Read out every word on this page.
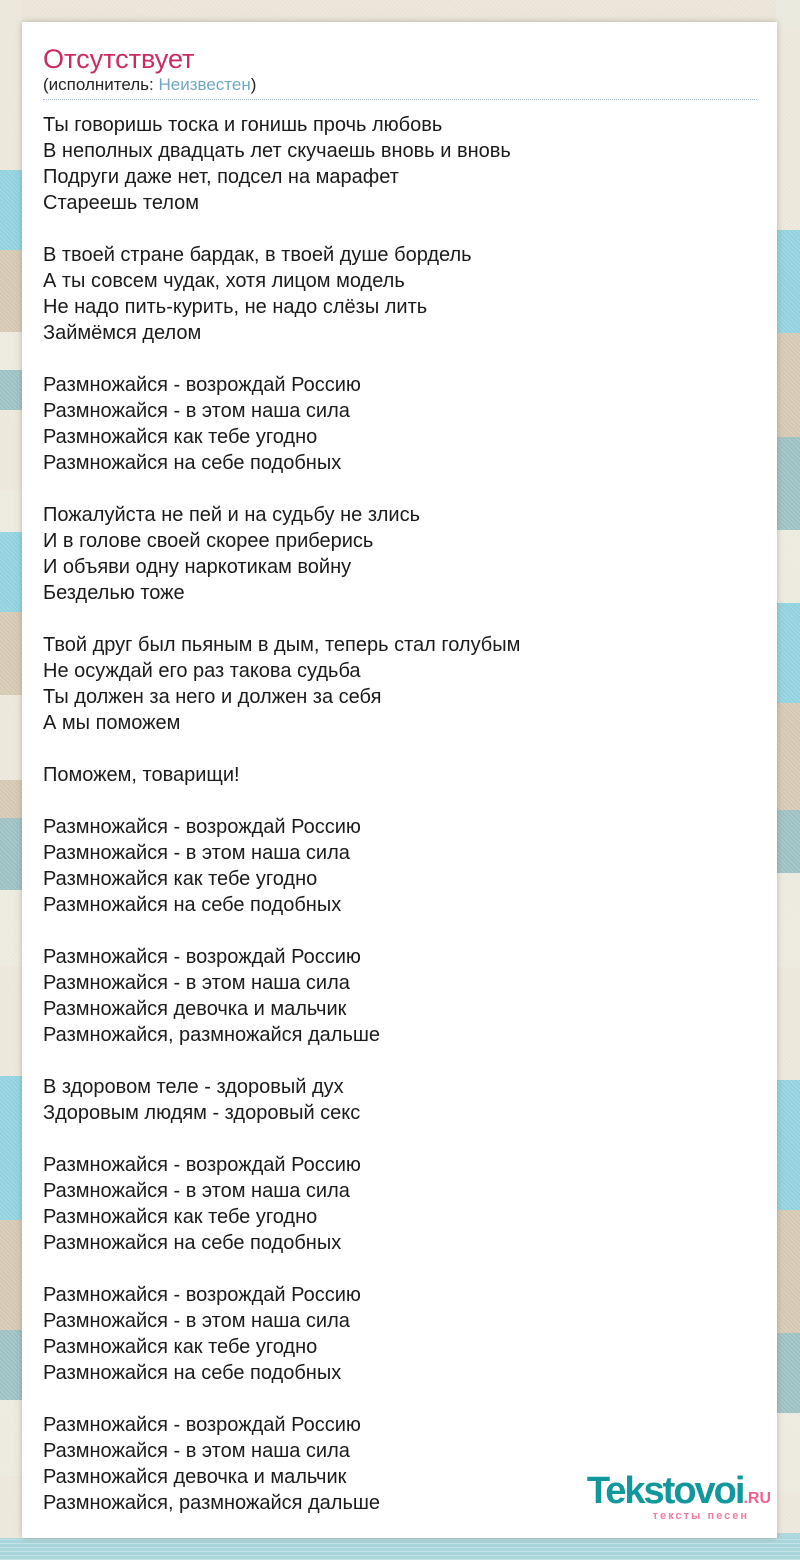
Отсутствует

(исполнитель: Неизвестен)

Ты говоришь тоска и гонишь прочь любовь
В неполных двадцать лет скучаешь вновь и вновь
Подруги даже нет, подсел на марафет
Стареешь телом

В твоей стране бардак, в твоей душе бордель
А ты совсем чудак, хотя лицом модель
Не надо пить-курить, не надо слёзы лить
Займёмся делом

Размножайся - возрождай Россию
Размножайся - в этом наша сила
Размножайся как тебе угодно
Размножайся на себе подобных

Пожалуйста не пей и на судьбу не злись
И в голове своей скорее приберись
И объяви одну наркотикам войну
Безделью тоже

Твой друг был пьяным в дым, теперь стал голубым
Не осуждай его раз такова судьба
Ты должен за него и должен за себя
А мы поможем

Поможем, товарищи!

Размножайся - возрождай Россию
Размножайся - в этом наша сила
Размножайся как тебе угодно
Размножайся на себе подобных

Размножайся - возрождай Россию
Размножайся - в этом наша сила
Размножайся девочка и мальчик
Размножайся, размножайся дальше

В здоровом теле - здоровый дух
Здоровым людям - здоровый секс

Размножайся - возрождай Россию
Размножайся - в этом наша сила
Размножайся как тебе угодно
Размножайся на себе подобных

Размножайся - возрождай Россию
Размножайся - в этом наша сила
Размножайся как тебе угодно
Размножайся на себе подобных

Размножайся - возрождай Россию
Размножайся - в этом наша сила
Размножайся девочка и мальчик
Размножайся, размножайся дальше	Tekstovoi.RU
тексты песен
